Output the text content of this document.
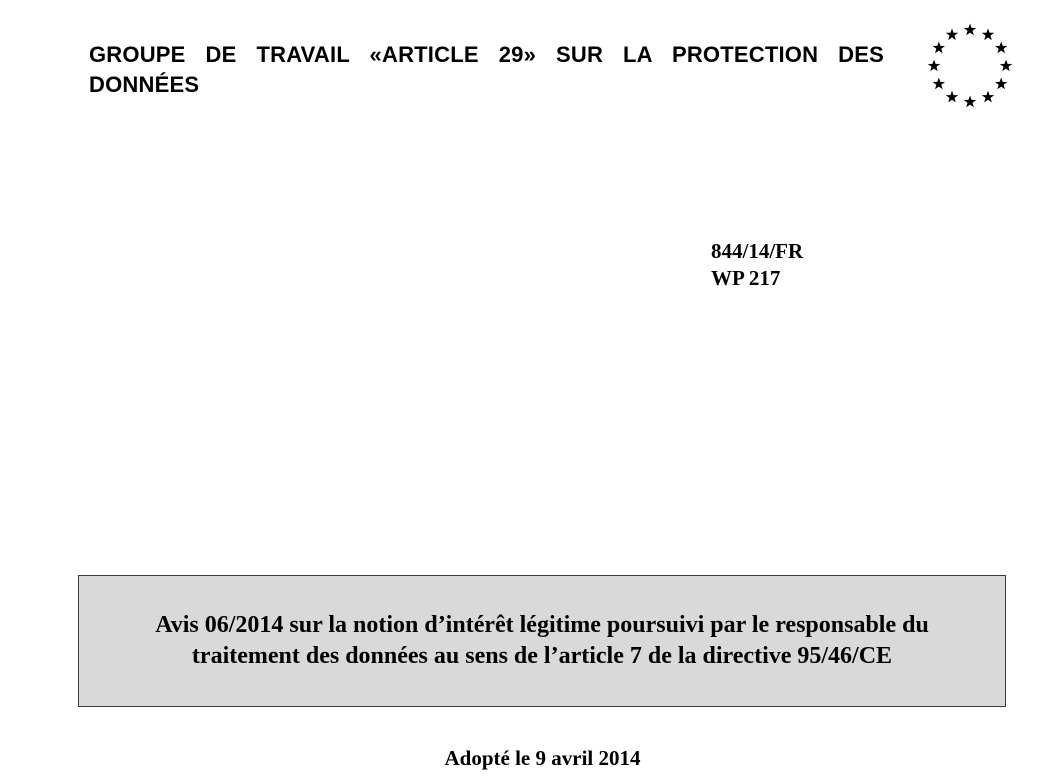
GROUPE DE TRAVAIL «ARTICLE 29» SUR LA PROTECTION DES DONNÉES
844/14/FR
WP 217
Avis 06/2014 sur la notion d’intérêt légitime poursuivi par le responsable du
traitement des données au sens de l’article 7 de la directive 95/46/CE
Adopté le 9 avril 2014
